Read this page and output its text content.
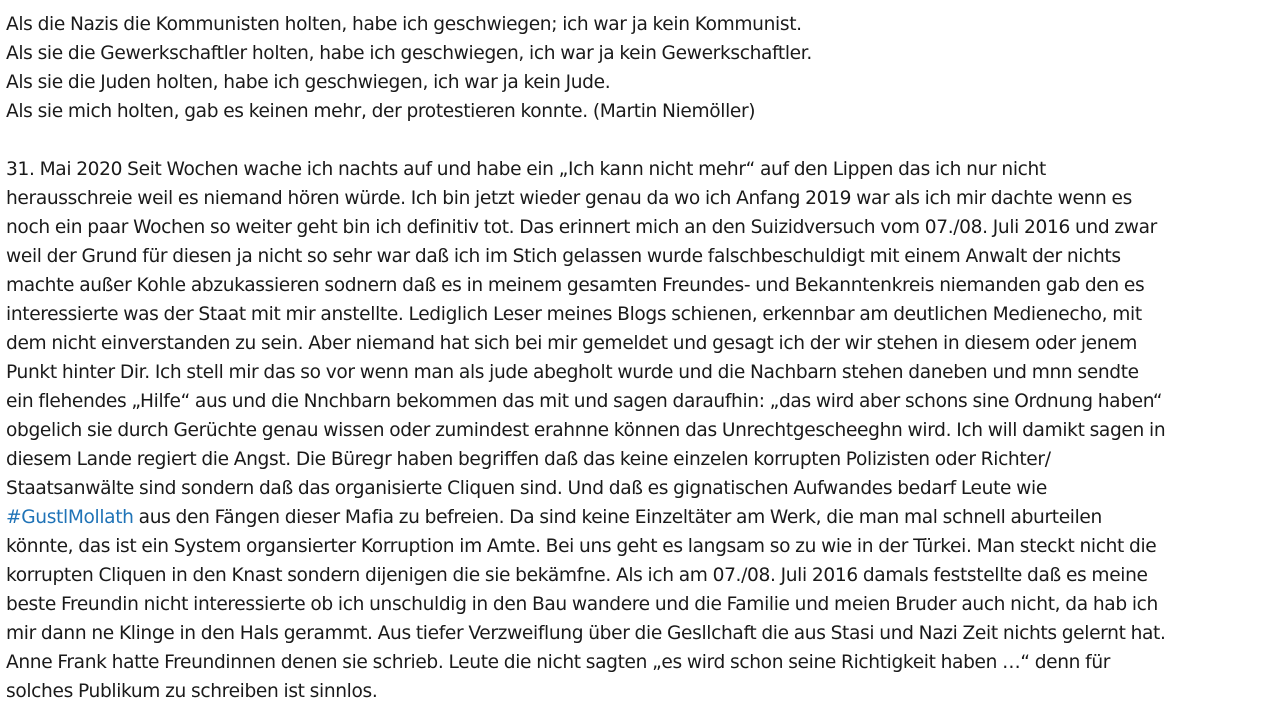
Als die Nazis die Kommunisten holten, habe ich geschwiegen; ich war ja kein Kommunist.
Als sie die Gewerkschaftler holten, habe ich geschwiegen, ich war ja kein Gewerkschaftler.
Als sie die Juden holten, habe ich geschwiegen, ich war ja kein Jude.
Als sie mich holten, gab es keinen mehr, der protestieren konnte. (Martin Niemöller)
31. Mai 2020 Seit Wochen wache ich nachts auf und habe ein „Ich kann nicht mehr“ auf den Lippen das ich nur nicht
herausschreie weil es niemand hören würde. Ich bin jetzt wieder genau da wo ich Anfang 2019 war als ich mir dachte wenn es
noch ein paar Wochen so weiter geht bin ich definitiv tot. Das erinnert mich an den Suizidversuch vom 07./08. Juli 2016 und zwar
weil der Grund für diesen ja nicht so sehr war daß ich im Stich gelassen wurde falschbeschuldigt mit einem Anwalt der nichts
machte außer Kohle abzukassieren sodnern daß es in meinem gesamten Freundes- und Bekanntenkreis niemanden gab den es
interessierte was der Staat mit mir anstellte. Lediglich Leser meines Blogs schienen, erkennbar am deutlichen Medienecho, mit
dem nicht einverstanden zu sein. Aber niemand hat sich bei mir gemeldet und gesagt ich der wir stehen in diesem oder jenem
Punkt hinter Dir. Ich stell mir das so vor wenn man als jude abegholt wurde und die Nachbarn stehen daneben und mnn sendte
ein flehendes „Hilfe“ aus und die Nnchbarn bekommen das mit und sagen daraufhin: „das wird aber schons sine Ordnung haben“
obgelich sie durch Gerüchte genau wissen oder zumindest erahnne können das Unrechtgescheeghn wird. Ich will damikt sagen in
diesem Lande regiert die Angst. Die Büregr haben begriffen daß das keine einzelen korrupten Polizisten oder Richter/
Staatsanwälte sind sondern daß das organisierte Cliquen sind. Und daß es gignatischen Aufwandes bedarf Leute wie
#GustlMollath aus den Fängen dieser Mafia zu befreien. Da sind keine Einzeltäter am Werk, die man mal schnell aburteilen
könnte, das ist ein System organsierter Korruption im Amte. Bei uns geht es langsam so zu wie in der Türkei. Man steckt nicht die
korrupten Cliquen in den Knast sondern dijenigen die sie bekämfne. Als ich am 07./08. Juli 2016 damals feststellte daß es meine
beste Freundin nicht interessierte ob ich unschuldig in den Bau wandere und die Familie und meien Bruder auch nicht, da hab ich
mir dann ne Klinge in den Hals gerammt. Aus tiefer Verzweiflung über die Gesllchaft die aus Stasi und Nazi Zeit nichts gelernt hat.
Anne Frank hatte Freundinnen denen sie schrieb. Leute die nicht sagten „es wird schon seine Richtigkeit haben …“ denn für
solches Publikum zu schreiben ist sinnlos.
